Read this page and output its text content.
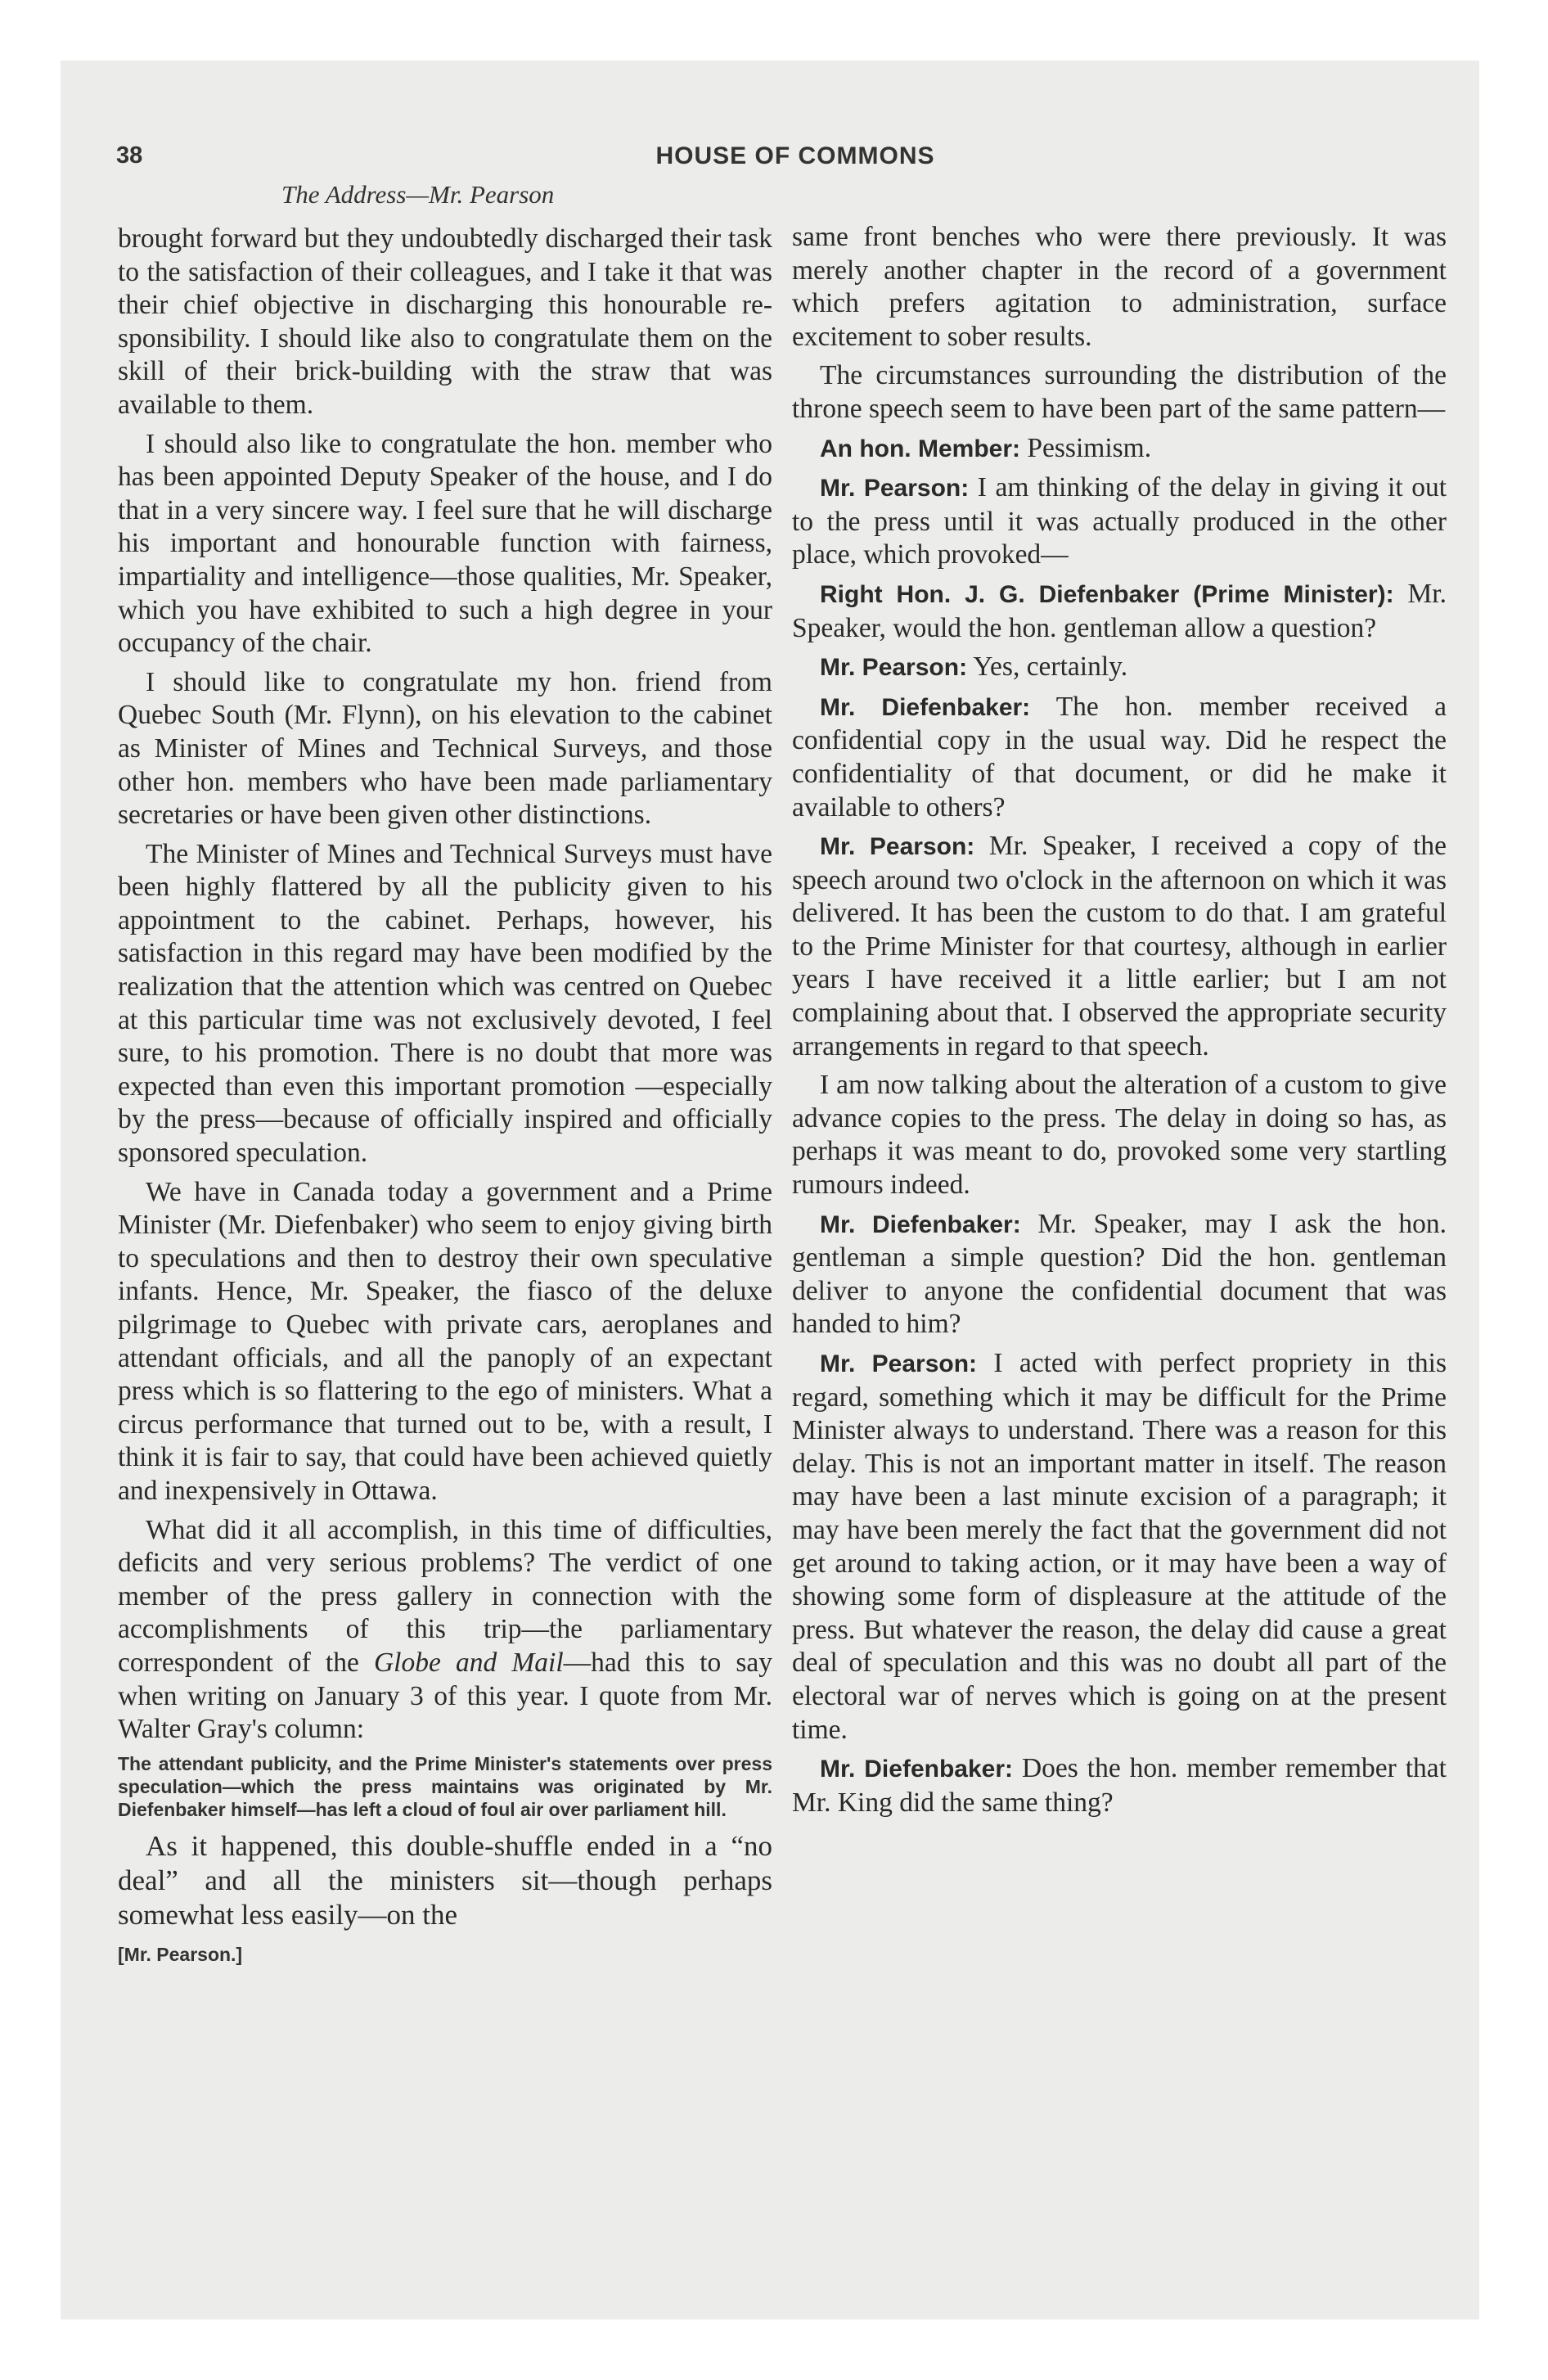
38	HOUSE OF COMMONS
The Address—Mr. Pearson

brought forward but they undoubtedly discharged their task to the satisfaction of their colleagues, and I take it that was their chief objective in discharging this honourable responsibility. I should like also to congratulate them on the skill of their brick-building with the straw that was available to them.

I should also like to congratulate the hon. member who has been appointed Deputy Speaker of the house, and I do that in a very sincere way. I feel sure that he will discharge his important and honourable function with fairness, impartiality and intelligence—those qualities, Mr. Speaker, which you have exhibited to such a high degree in your occupancy of the chair.

I should like to congratulate my hon. friend from Quebec South (Mr. Flynn), on his elevation to the cabinet as Minister of Mines and Technical Surveys, and those other hon. members who have been made parliamentary secretaries or have been given other distinctions.

The Minister of Mines and Technical Surveys must have been highly flattered by all the publicity given to his appointment to the cabinet. Perhaps, however, his satisfaction in this regard may have been modified by the realization that the attention which was centred on Quebec at this particular time was not exclusively devoted, I feel sure, to his promotion. There is no doubt that more was expected than even this important promotion —especially by the press—because of officially inspired and officially sponsored speculation.

We have in Canada today a government and a Prime Minister (Mr. Diefenbaker) who seem to enjoy giving birth to speculations and then to destroy their own speculative infants. Hence, Mr. Speaker, the fiasco of the deluxe pilgrimage to Quebec with private cars, aeroplanes and attendant officials, and all the panoply of an expectant press which is so flattering to the ego of ministers. What a circus performance that turned out to be, with a result, I think it is fair to say, that could have been achieved quietly and inexpensively in Ottawa.

What did it all accomplish, in this time of difficulties, deficits and very serious problems? The verdict of one member of the press gallery in connection with the accomplishments of this trip—the parliamentary correspondent of the Globe and Mail—had this to say when writing on January 3 of this year. I quote from Mr. Walter Gray's column:

The attendant publicity, and the Prime Minister's statements over press speculation—which the press maintains was originated by Mr. Diefenbaker himself—has left a cloud of foul air over parliament hill.

As it happened, this double-shuffle ended in a “no deal” and all the ministers sit—though perhaps somewhat less easily—on the

[Mr. Pearson.]

same front benches who were there previously. It was merely another chapter in the record of a government which prefers agitation to administration, surface excitement to sober results.

The circumstances surrounding the distribution of the throne speech seem to have been part of the same pattern—

An hon. Member: Pessimism.

Mr. Pearson: I am thinking of the delay in giving it out to the press until it was actually produced in the other place, which provoked—

Right Hon. J. G. Diefenbaker (Prime Minister): Mr. Speaker, would the hon. gentleman allow a question?

Mr. Pearson: Yes, certainly.

Mr. Diefenbaker: The hon. member received a confidential copy in the usual way. Did he respect the confidentiality of that document, or did he make it available to others?

Mr. Pearson: Mr. Speaker, I received a copy of the speech around two o'clock in the afternoon on which it was delivered. It has been the custom to do that. I am grateful to the Prime Minister for that courtesy, although in earlier years I have received it a little earlier; but I am not complaining about that. I observed the appropriate security arrangements in regard to that speech.

I am now talking about the alteration of a custom to give advance copies to the press. The delay in doing so has, as perhaps it was meant to do, provoked some very startling rumours indeed.

Mr. Diefenbaker: Mr. Speaker, may I ask the hon. gentleman a simple question? Did the hon. gentleman deliver to anyone the confidential document that was handed to him?

Mr. Pearson: I acted with perfect propriety in this regard, something which it may be difficult for the Prime Minister always to understand. There was a reason for this delay. This is not an important matter in itself. The reason may have been a last minute excision of a paragraph; it may have been merely the fact that the government did not get around to taking action, or it may have been a way of showing some form of displeasure at the attitude of the press. But whatever the reason, the delay did cause a great deal of speculation and this was no doubt all part of the electoral war of nerves which is going on at the present time.

Mr. Diefenbaker: Does the hon. member remember that Mr. King did the same thing?
